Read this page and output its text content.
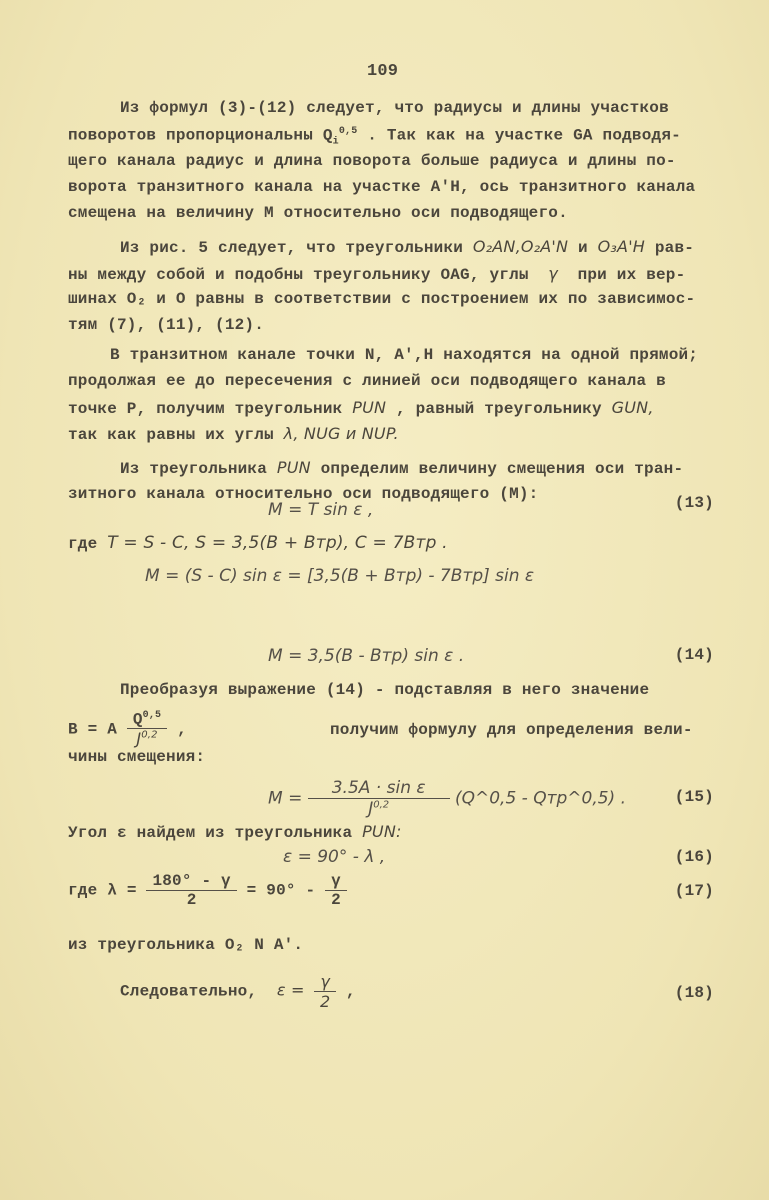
109
Из формул (3)-(12) следует, что радиусы и длины участков
поворотов пропорциональны $Q_i^{0,5}$ . Так как на участке GA подводя-
щего канала радиус и длина поворота больше радиуса и длины по-
ворота транзитного канала на участке A'H, ось транзитного канала
смещена на величину М относительно оси подводящего.
Из рис. 5 следует, что треугольники O₂AN,O₂A'N и O₃A'H рав-
ны между собой и подобны треугольнику OAG, углы γ при их вер-
шинах O₂ и O равны в соответствии с построением их по зависимос-
тям (7), (11), (12).
В транзитном канале точки N, A',H находятся на одной прямой;
продолжая ее до пересечения с линией оси подводящего канала в
точке P, получим треугольник PUN , равный треугольнику GUN,
так как равны их углы λ, NUG и NUP.
Из треугольника PUN определим величину смещения оси тран-
зитного канала относительно оси подводящего (М):
M = T sin ε ,	(13)
где T = S - C, S = 3,5(B + Bтр), C = 7Bтр .
M = (S - C) sin ε = [3,5(B + Bтр) - 7Bтр] sin ε
M = 3,5(B - Bтр) sin ε .	(14)
Преобразуя выражение (14) - подставляя в него значение
B = A $\frac{Q^{0,5}}{J^{0,2}}$ ,	получим формулу для определения вели-
чины смещения:
$M = \frac{\text{3.5A · sin ε}}{J^{0,2}}$ (Q^0,5 - Qтр^0,5) .	(15)
Угол ε найдем из треугольника PUN:
ε = 90° - λ ,	(16)
где $\lambda = \frac{180^\circ - \gamma}{2} = 90^\circ - \frac{\gamma}{2}$	(17)
из треугольника O₂ N A'.
Следовательно, $\varepsilon = \frac{\gamma}{2}$ ,	(18)
